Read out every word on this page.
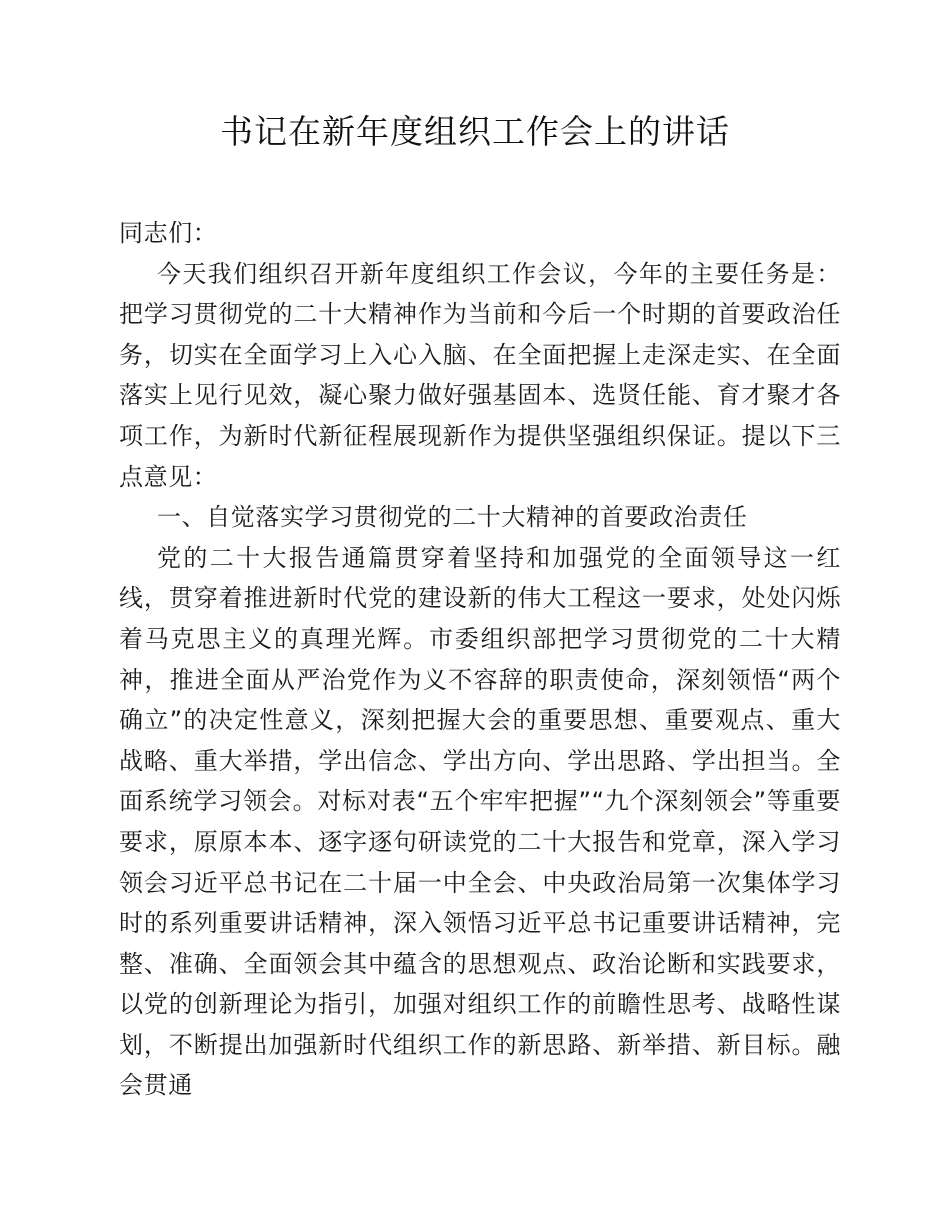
书记在新年度组织工作会上的讲话

同志们：

今天我们组织召开新年度组织工作会议，今年的主要任务是：把学习贯彻党的二十大精神作为当前和今后一个时期的首要政治任务，切实在全面学习上入心入脑、在全面把握上走深走实、在全面落实上见行见效，凝心聚力做好强基固本、选贤任能、育才聚才各项工作，为新时代新征程展现新作为提供坚强组织保证。提以下三点意见：

一、自觉落实学习贯彻党的二十大精神的首要政治责任

党的二十大报告通篇贯穿着坚持和加强党的全面领导这一红线，贯穿着推进新时代党的建设新的伟大工程这一要求，处处闪烁着马克思主义的真理光辉。市委组织部把学习贯彻党的二十大精神，推进全面从严治党作为义不容辞的职责使命，深刻领悟“两个确立”的决定性意义，深刻把握大会的重要思想、重要观点、重大战略、重大举措，学出信念、学出方向、学出思路、学出担当。全面系统学习领会。对标对表“五个牢牢把握”“九个深刻领会”等重要要求，原原本本、逐字逐句研读党的二十大报告和党章，深入学习领会习近平总书记在二十届一中全会、中央政治局第一次集体学习时的系列重要讲话精神，深入领悟习近平总书记重要讲话精神，完整、准确、全面领会其中蕴含的思想观点、政治论断和实践要求，以党的创新理论为指引，加强对组织工作的前瞻性思考、战略性谋划，不断提出加强新时代组织工作的新思路、新举措、新目标。融会贯通
